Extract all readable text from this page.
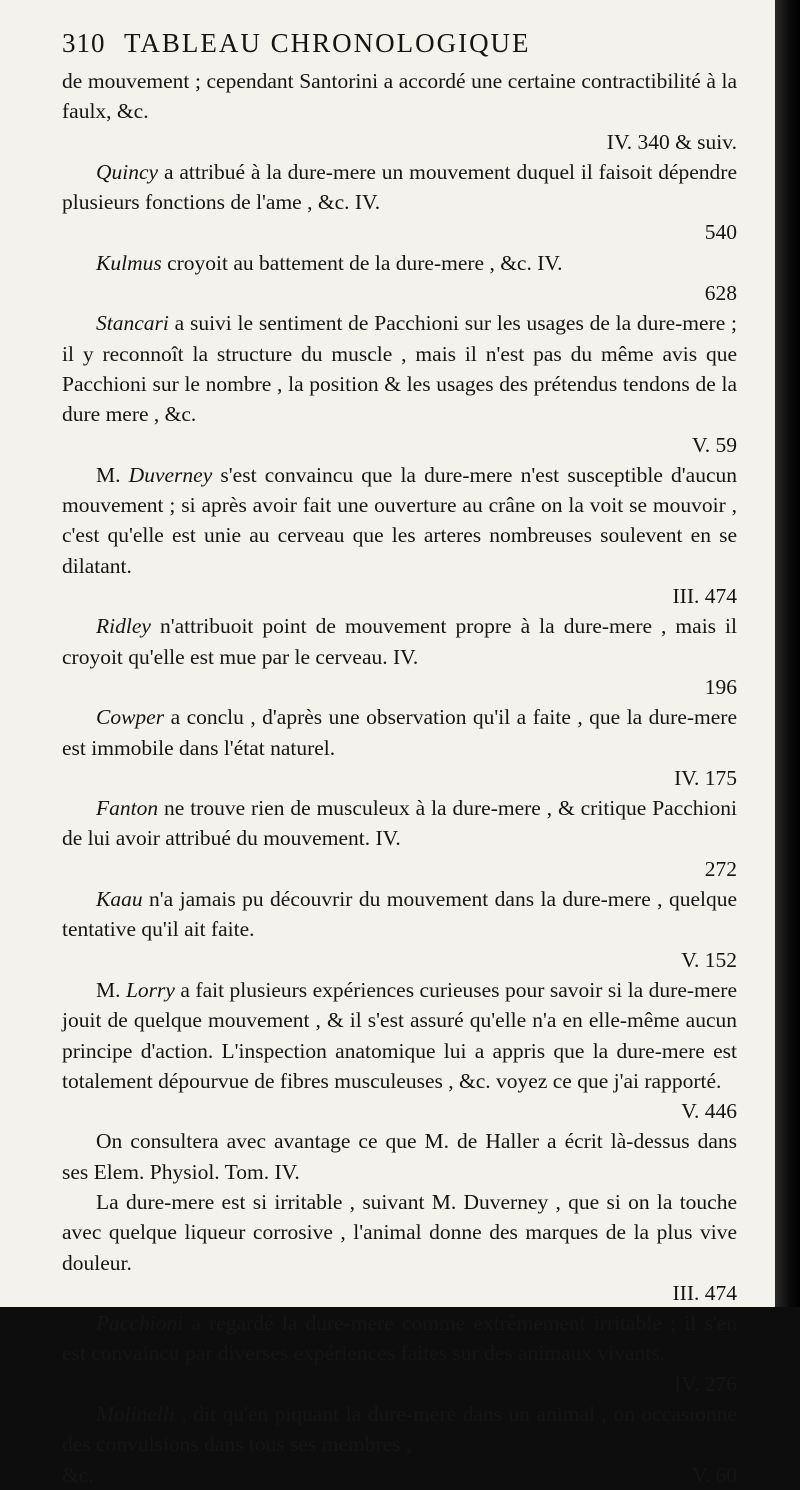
310 TABLEAU CHRONOLOGIQUE

de mouvement ; cependant Santorini a accordé une certaine contractibilité à la faulx, &c.
IV. 340 & suiv.

Quincy a attribué à la dure-mere un mouvement duquel il faisoit dépendre plusieurs fonctions de l'ame , &c. IV.
540

Kulmus croyoit au battement de la dure-mere , &c. IV.
628

Stancari a suivi le sentiment de Pacchioni sur les usages de la dure-mere ; il y reconnoît la structure du muscle , mais il n'est pas du même avis que Pacchioni sur le nombre , la position & les usages des prétendus tendons de la dure mere , &c.
V. 59

M. Duverney s'est convaincu que la dure-mere n'est susceptible d'aucun mouvement ; si après avoir fait une ouverture au crâne on la voit se mouvoir , c'est qu'elle est unie au cerveau que les arteres nombreuses soulevent en se dilatant.
III. 474

Ridley n'attribuoit point de mouvement propre à la dure-mere , mais il croyoit qu'elle est mue par le cerveau. IV.
196

Cowper a conclu , d'après une observation qu'il a faite , que la dure-mere est immobile dans l'état naturel.
IV. 175

Fanton ne trouve rien de musculeux à la dure-mere , & critique Pacchioni de lui avoir attribué du mouvement. IV.
272

Kaau n'a jamais pu découvrir du mouvement dans la dure-mere , quelque tentative qu'il ait faite.
V. 152

M. Lorry a fait plusieurs expériences curieuses pour savoir si la dure-mere jouit de quelque mouvement , & il s'est assuré qu'elle n'a en elle-même aucun principe d'action. L'inspection anatomique lui a appris que la dure-mere est totalement dépourvue de fibres musculeuses , &c. voyez ce que j'ai rapporté.
V. 446

On consultera avec avantage ce que M. de Haller a écrit là-dessus dans ses Elem. Physiol. Tom. IV.

La dure-mere est si irritable , suivant M. Duverney , que si on la touche avec quelque liqueur corrosive , l'animal donne des marques de la plus vive douleur.
III. 474

Pacchioni a regardé la dure-mere comme extrêmement irritable ; il s'en est convaincu par diverses expériences faites sur des animaux vivants.
IV. 276

Molinelli , dit qu'en piquant la dure-mere dans un animal , on occasionne des convulsions dans tous ses membres ,

&c.	V. 60
